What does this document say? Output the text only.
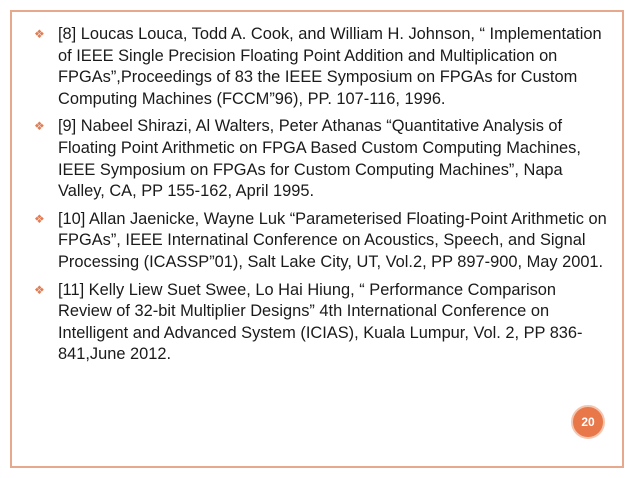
❖ [8] Loucas Louca, Todd A. Cook, and William H. Johnson, “ Implementation of IEEE Single Precision Floating Point Addition and Multiplication on FPGAs”,Proceedings of 83 the IEEE Symposium on FPGAs for Custom Computing Machines (FCCM”96), PP. 107-116, 1996.
❖ [9] Nabeel Shirazi, Al Walters, Peter Athanas “Quantitative Analysis of Floating Point Arithmetic on FPGA Based Custom Computing Machines, IEEE Symposium on FPGAs for Custom Computing Machines”, Napa Valley, CA, PP 155-162, April 1995.
❖ [10] Allan Jaenicke, Wayne Luk “Parameterised Floating-Point Arithmetic on FPGAs”, IEEE Internatinal Conference on Acoustics, Speech, and Signal Processing (ICASSP”01), Salt Lake City, UT, Vol.2, PP 897-900, May 2001.
❖ [11] Kelly Liew Suet Swee, Lo Hai Hiung, “ Performance Comparison Review of 32-bit Multiplier Designs” 4th International Conference on Intelligent and Advanced System (ICIAS), Kuala Lumpur, Vol. 2, PP 836-841,June 2012.
20
